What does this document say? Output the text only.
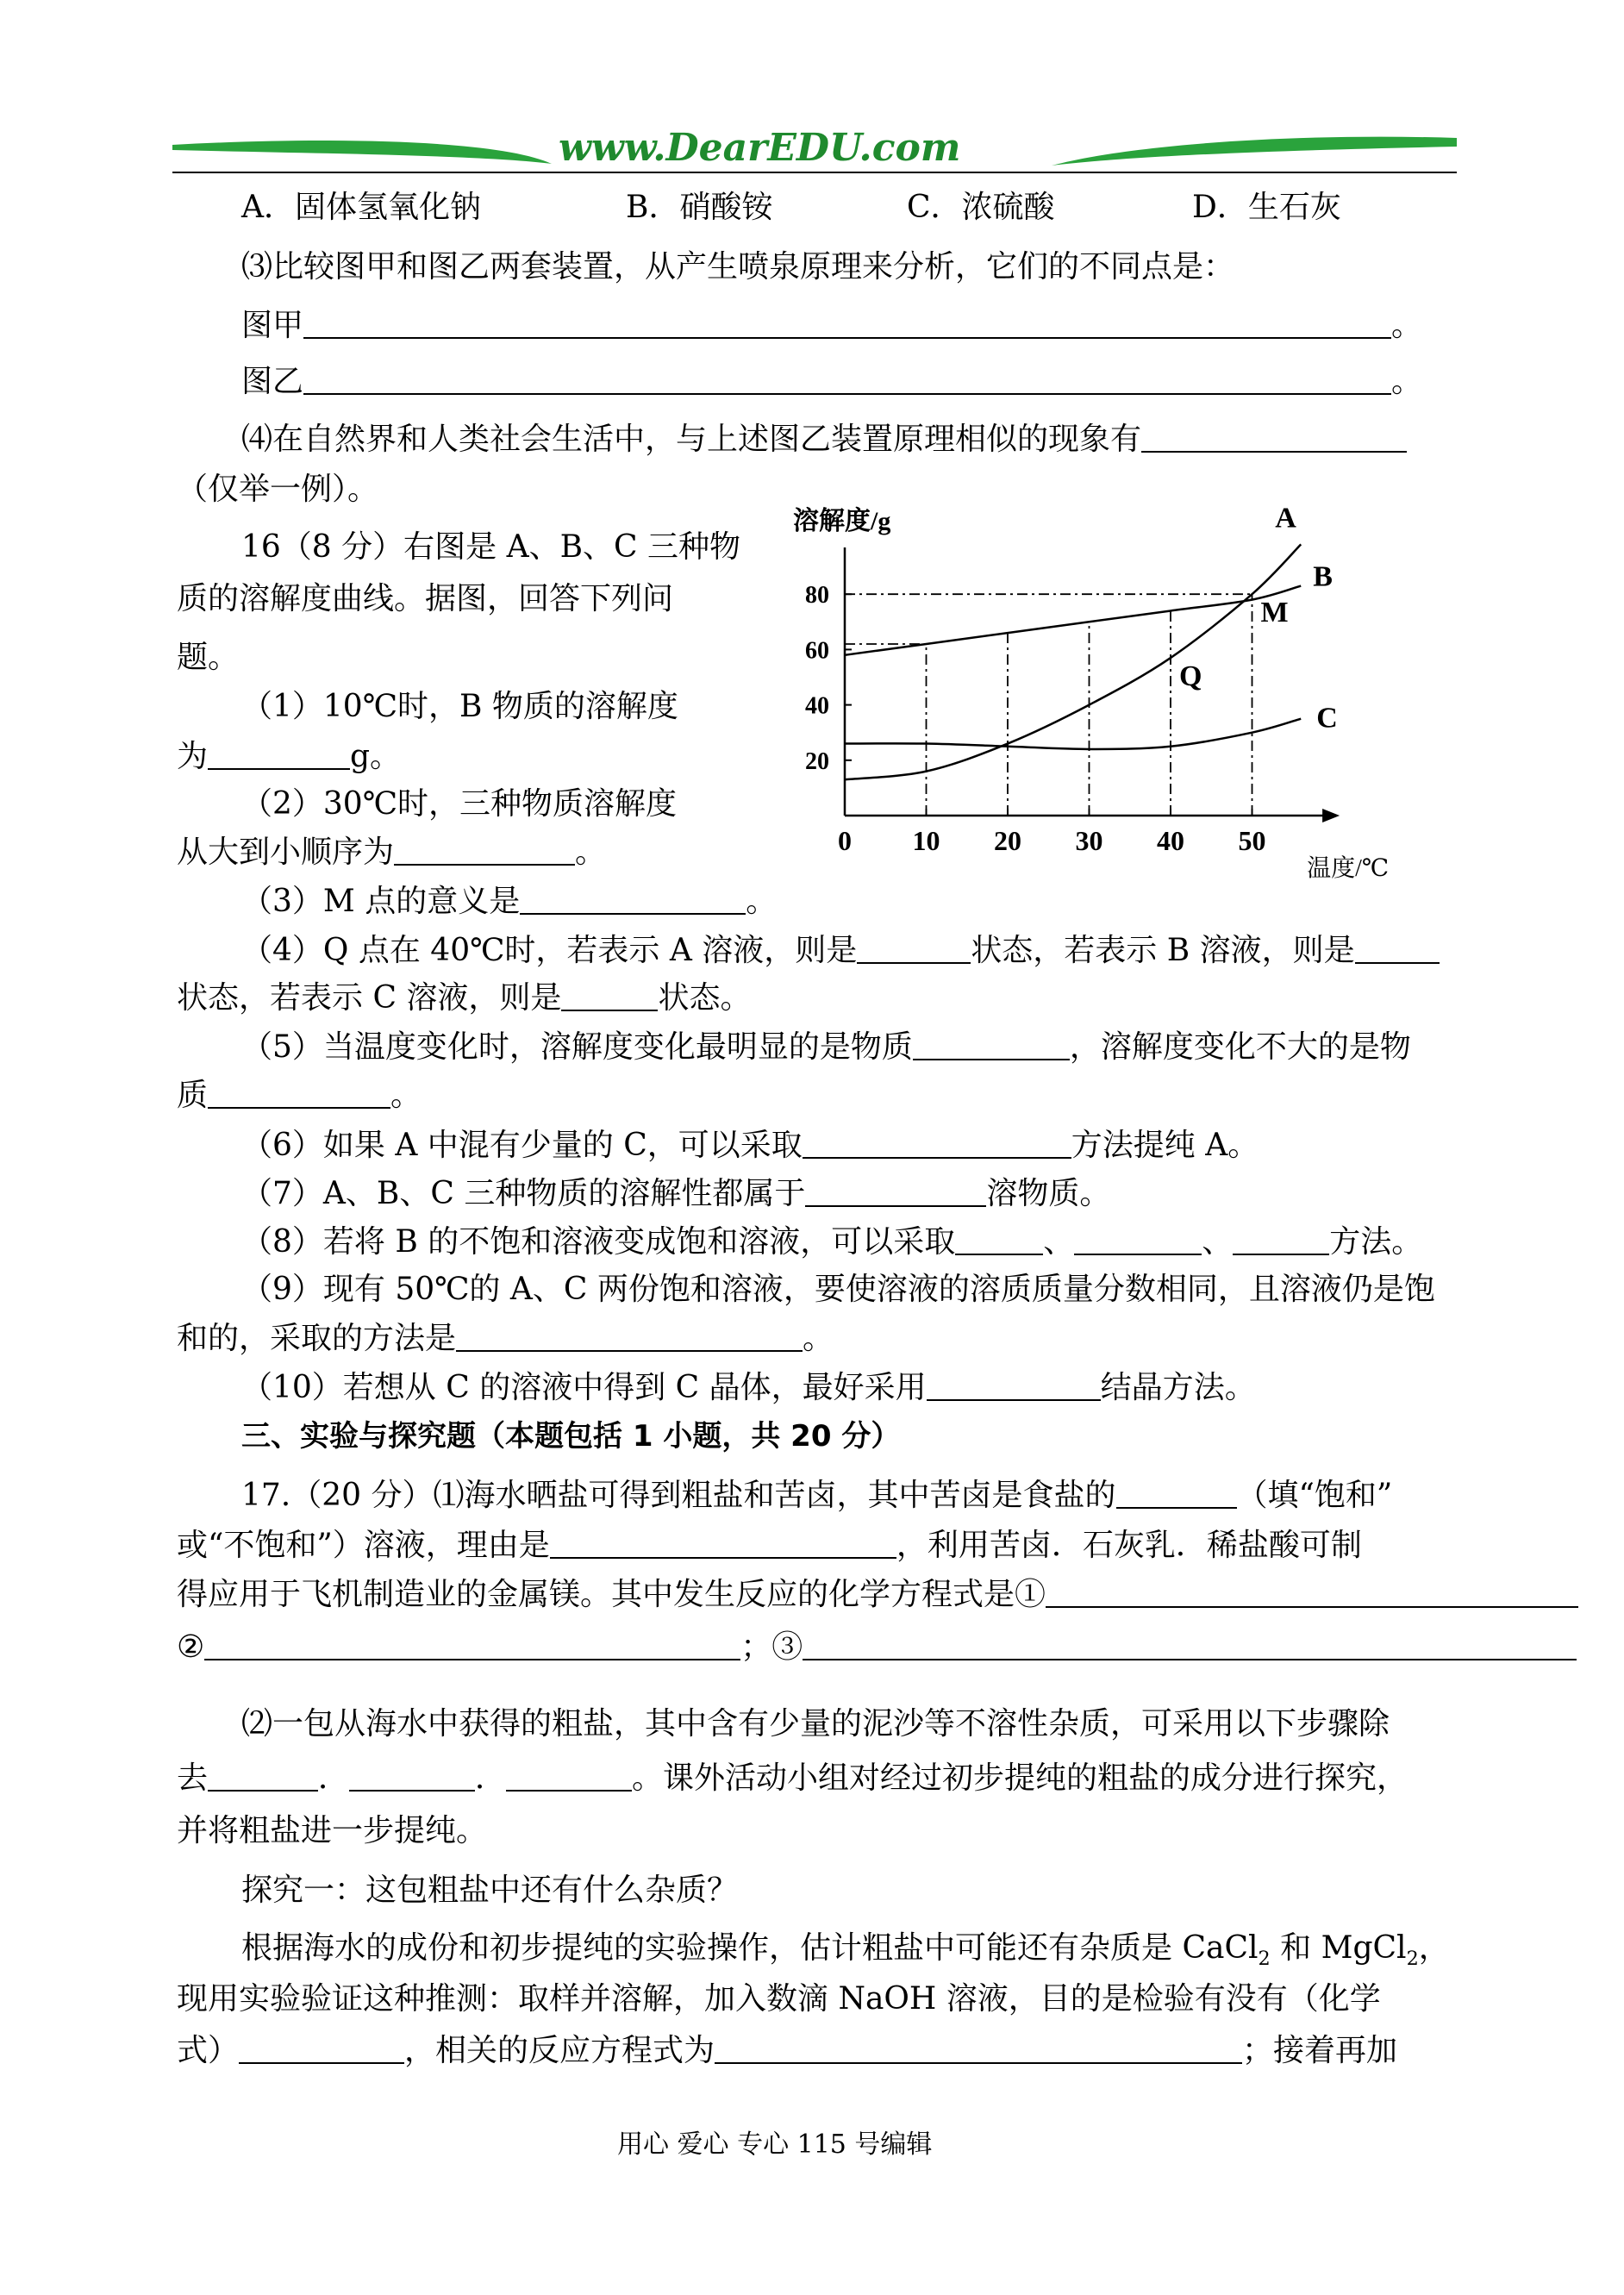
www.DearEDU.com
A．固体氢氧化钠	B．硝酸铵	C．浓硫酸	D．生石灰
⑶比较图甲和图乙两套装置，从产生喷泉原理来分析，它们的不同点是：
图甲	。
图乙	。
⑷在自然界和人类社会生活中，与上述图乙装置原理相似的现象有
（仅举一例）。
16（8 分）右图是 A、B、C 三种物
质的溶解度曲线。据图，回答下列问
题。
（1）10℃时，B 物质的溶解度
为	g。
（2）30℃时，三种物质溶解度
从大到小顺序为	。
（3）M 点的意义是	。
（4）Q 点在 40℃时，若表示 A 溶液，则是	状态，若表示 B 溶液，则是
状态，若表示 C 溶液，则是	状态。
（5）当温度变化时，溶解度变化最明显的是物质	，溶解度变化不大的是物
质	。
（6）如果 A 中混有少量的 C，可以采取	方法提纯 A。
（7）A、B、C 三种物质的溶解性都属于	溶物质。
（8）若将 B 的不饱和溶液变成饱和溶液，可以采取	、	、	方法。
（9）现有 50℃的 A、C 两份饱和溶液，要使溶液的溶质质量分数相同，且溶液仍是饱
和的，采取的方法是	。
（10）若想从 C 的溶液中得到 C 晶体，最好采用	结晶方法。
三、实验与探究题（本题包括 1 小题，共 20 分）
17.（20 分）⑴海水晒盐可得到粗盐和苦卤，其中苦卤是食盐的	（填“饱和”
或“不饱和”）溶液，理由是	，利用苦卤．石灰乳．稀盐酸可制
得应用于飞机制造业的金属镁。其中发生反应的化学方程式是①
②	；③
⑵一包从海水中获得的粗盐，其中含有少量的泥沙等不溶性杂质，可采用以下步骤除
去	．	．	。课外活动小组对经过初步提纯的粗盐的成分进行探究，
并将粗盐进一步提纯。
探究一：这包粗盐中还有什么杂质？
根据海水的成份和初步提纯的实验操作，估计粗盐中可能还有杂质是 CaCl$_2$ 和 MgCl$_2$，
现用实验验证这种推测：取样并溶解，加入数滴 NaOH 溶液，目的是检验有没有（化学
式）	，相关的反应方程式为	；接着再加
用心 爱心 专心 115 号编辑
0 10 20 30 40 50
20
40
60
80
溶解度/g
温度/℃
A
B
C
M
Q
